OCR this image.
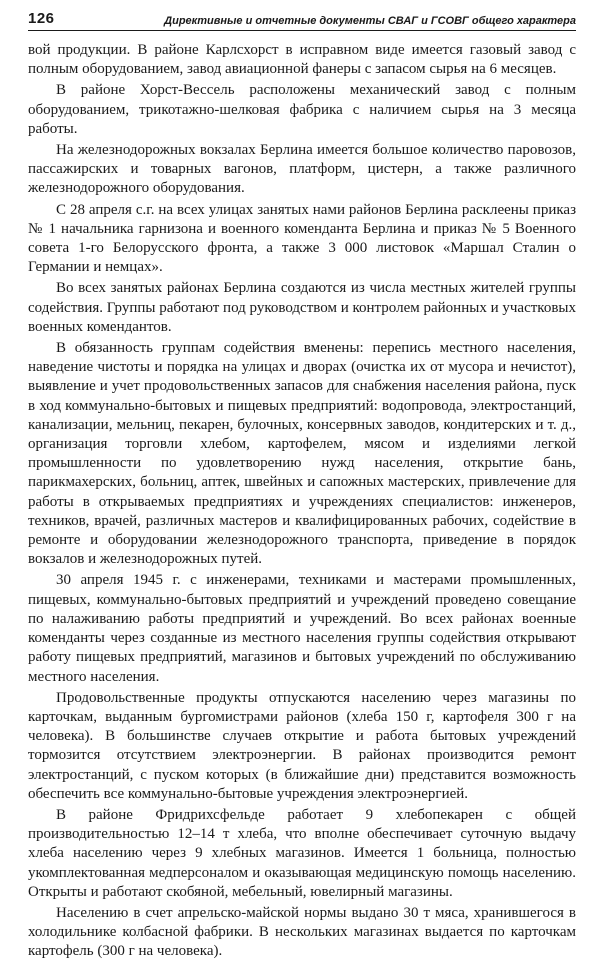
126	Директивные и отчетные документы СВАГ и ГСОВГ общего характера

вой продукции. В районе Карлсхорст в исправном виде имеется газовый завод с полным оборудованием, завод авиационной фанеры с запасом сырья на 6 месяцев.

В районе Хорст-Вессель расположены механический завод с полным оборудованием, трикотажно-шелковая фабрика с наличием сырья на 3 месяца работы.

На железнодорожных вокзалах Берлина имеется большое количество паровозов, пассажирских и товарных вагонов, платформ, цистерн, а также различного железнодорожного оборудования.

С 28 апреля с.г. на всех улицах занятых нами районов Берлина расклеены приказ № 1 начальника гарнизона и военного коменданта Берлина и приказ № 5 Военного совета 1-го Белорусского фронта, а также 3 000 листовок «Маршал Сталин о Германии и немцах».

Во всех занятых районах Берлина создаются из числа местных жителей группы содействия. Группы работают под руководством и контролем районных и участковых военных комендантов.

В обязанность группам содействия вменены: перепись местного населения, наведение чистоты и порядка на улицах и дворах (очистка их от мусора и нечистот), выявление и учет продовольственных запасов для снабжения населения района, пуск в ход коммунально-бытовых и пищевых предприятий: водопровода, электростанций, канализации, мельниц, пекарен, булочных, консервных заводов, кондитерских и т. д., организация торговли хлебом, картофелем, мясом и изделиями легкой промышленности по удовлетворению нужд населения, открытие бань, парикмахерских, больниц, аптек, швейных и сапожных мастерских, привлечение для работы в открываемых предприятиях и учреждениях специалистов: инженеров, техников, врачей, различных мастеров и квалифицированных рабочих, содействие в ремонте и оборудовании железнодорожного транспорта, приведение в порядок вокзалов и железнодорожных путей.

30 апреля 1945 г. с инженерами, техниками и мастерами промышленных, пищевых, коммунально-бытовых предприятий и учреждений проведено совещание по налаживанию работы предприятий и учреждений. Во всех районах военные коменданты через созданные из местного населения группы содействия открывают работу пищевых предприятий, магазинов и бытовых учреждений по обслуживанию местного населения.

Продовольственные продукты отпускаются населению через магазины по карточкам, выданным бургомистрами районов (хлеба 150 г, картофеля 300 г на человека). В большинстве случаев открытие и работа бытовых учреждений тормозится отсутствием электроэнергии. В районах производится ремонт электростанций, с пуском которых (в ближайшие дни) представится возможность обеспечить все коммунально-бытовые учреждения электроэнергией.

В районе Фридрихсфельде работает 9 хлебопекарен с общей производительностью 12–14 т хлеба, что вполне обеспечивает суточную выдачу хлеба населению через 9 хлебных магазинов. Имеется 1 больница, полностью укомплектованная медперсоналом и оказывающая медицинскую помощь населению. Открыты и работают скобяной, мебельный, ювелирный магазины.

Населению в счет апрельско-майской нормы выдано 30 т мяса, хранившегося в холодильнике колбасной фабрики. В нескольких магазинах выдается по карточкам картофель (300 г на человека).
